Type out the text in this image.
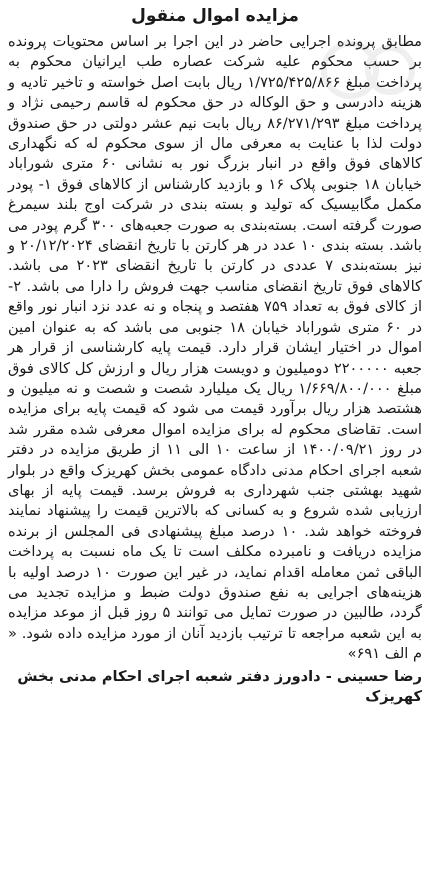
مزایده اموال منقول

مطابق پرونده اجرایی حاضر در این اجرا بر اساس محتویات پرونده بر حسب محکوم علیه شرکت عصاره طب ایرانیان محکوم به پرداخت مبلغ ۱/۷۲۵/۴۲۵/۸۶۶ ریال بابت اصل خواسته و تاخیر تادیه و هزینه دادرسی و حق الوکاله در حق محکوم له قاسم رحیمی نژاد و پرداخت مبلغ ۸۶/۲۷۱/۲۹۳ ریال بابت نیم عشر دولتی در حق صندوق دولت لذا با عنایت به معرفی مال از سوی محکوم له که نگهداری کالاهای فوق واقع در انبار بزرگ نور به نشانی ۶۰ متری شوراباد خیابان ۱۸ جنوبی پلاک ۱۶ و بازدید کارشناس از کالاهای فوق ۱- پودر مکمل مگابیسیک که تولید و بسته بندی در شرکت اوج بلند سیمرغ صورت گرفته است. بسته‌بندی به صورت جعبه‌های ۳۰۰ گرم پودر می باشد. بسته بندی ۱۰ عدد در هر کارتن با تاریخ انقضای ۲۰/۱۲/۲۰۲۴ و نیز بسته‌بندی ۷ عددی در کارتن با تاریخ انقضای ۲۰۲۳ می باشد. کالاهای فوق تاریخ انقضای مناسب جهت فروش را دارا می باشد. ۲- از کالای فوق به تعداد ۷۵۹ هفتصد و پنجاه و نه عدد نزد انبار نور واقع در ۶۰ متری شوراباد خیابان ۱۸ جنوبی می باشد که به عنوان امین اموال در اختیار ایشان قرار دارد. قیمت پایه کارشناسی از قرار هر جعبه ۲۲۰۰۰۰۰ دومیلیون و دویست هزار ریال و ارزش کل کالای فوق مبلغ ۱/۶۶۹/۸۰۰/۰۰۰ ریال یک میلیارد شصت و شصت و نه میلیون و هشتصد هزار ریال برآورد قیمت می شود که قیمت پایه برای مزایده است. تقاضای محکوم له برای مزایده اموال معرفی شده مقرر شد در روز ۱۴۰۰/۰۹/۲۱ از ساعت ۱۰ الی ۱۱ از طریق مزایده در دفتر شعبه اجرای احکام مدنی دادگاه عمومی بخش کهریزک واقع در بلوار شهید بهشتی جنب شهرداری به فروش برسد. قیمت پایه از بهای ارزیابی شده شروع و به کسانی که بالاترین قیمت را پیشنهاد نمایند فروخته خواهد شد. ۱۰ درصد مبلغ پیشنهادی فی المجلس از برنده مزایده دریافت و نامبرده مکلف است تا یک ماه نسبت به پرداخت الباقی ثمن معامله اقدام نماید، در غیر این صورت ۱۰ درصد اولیه با هزینه‌های اجرایی به نفع صندوق دولت ضبط و مزایده تجدید می گردد، طالبین در صورت تمایل می توانند ۵ روز قبل از موعد مزایده به این شعبه مراجعه تا ترتیب بازدید آنان از مورد مزایده داده شود. « م الف ۶۹۱»

رضا حسینی - دادورز دفتر شعبه اجرای احکام مدنی بخش کهریزک
